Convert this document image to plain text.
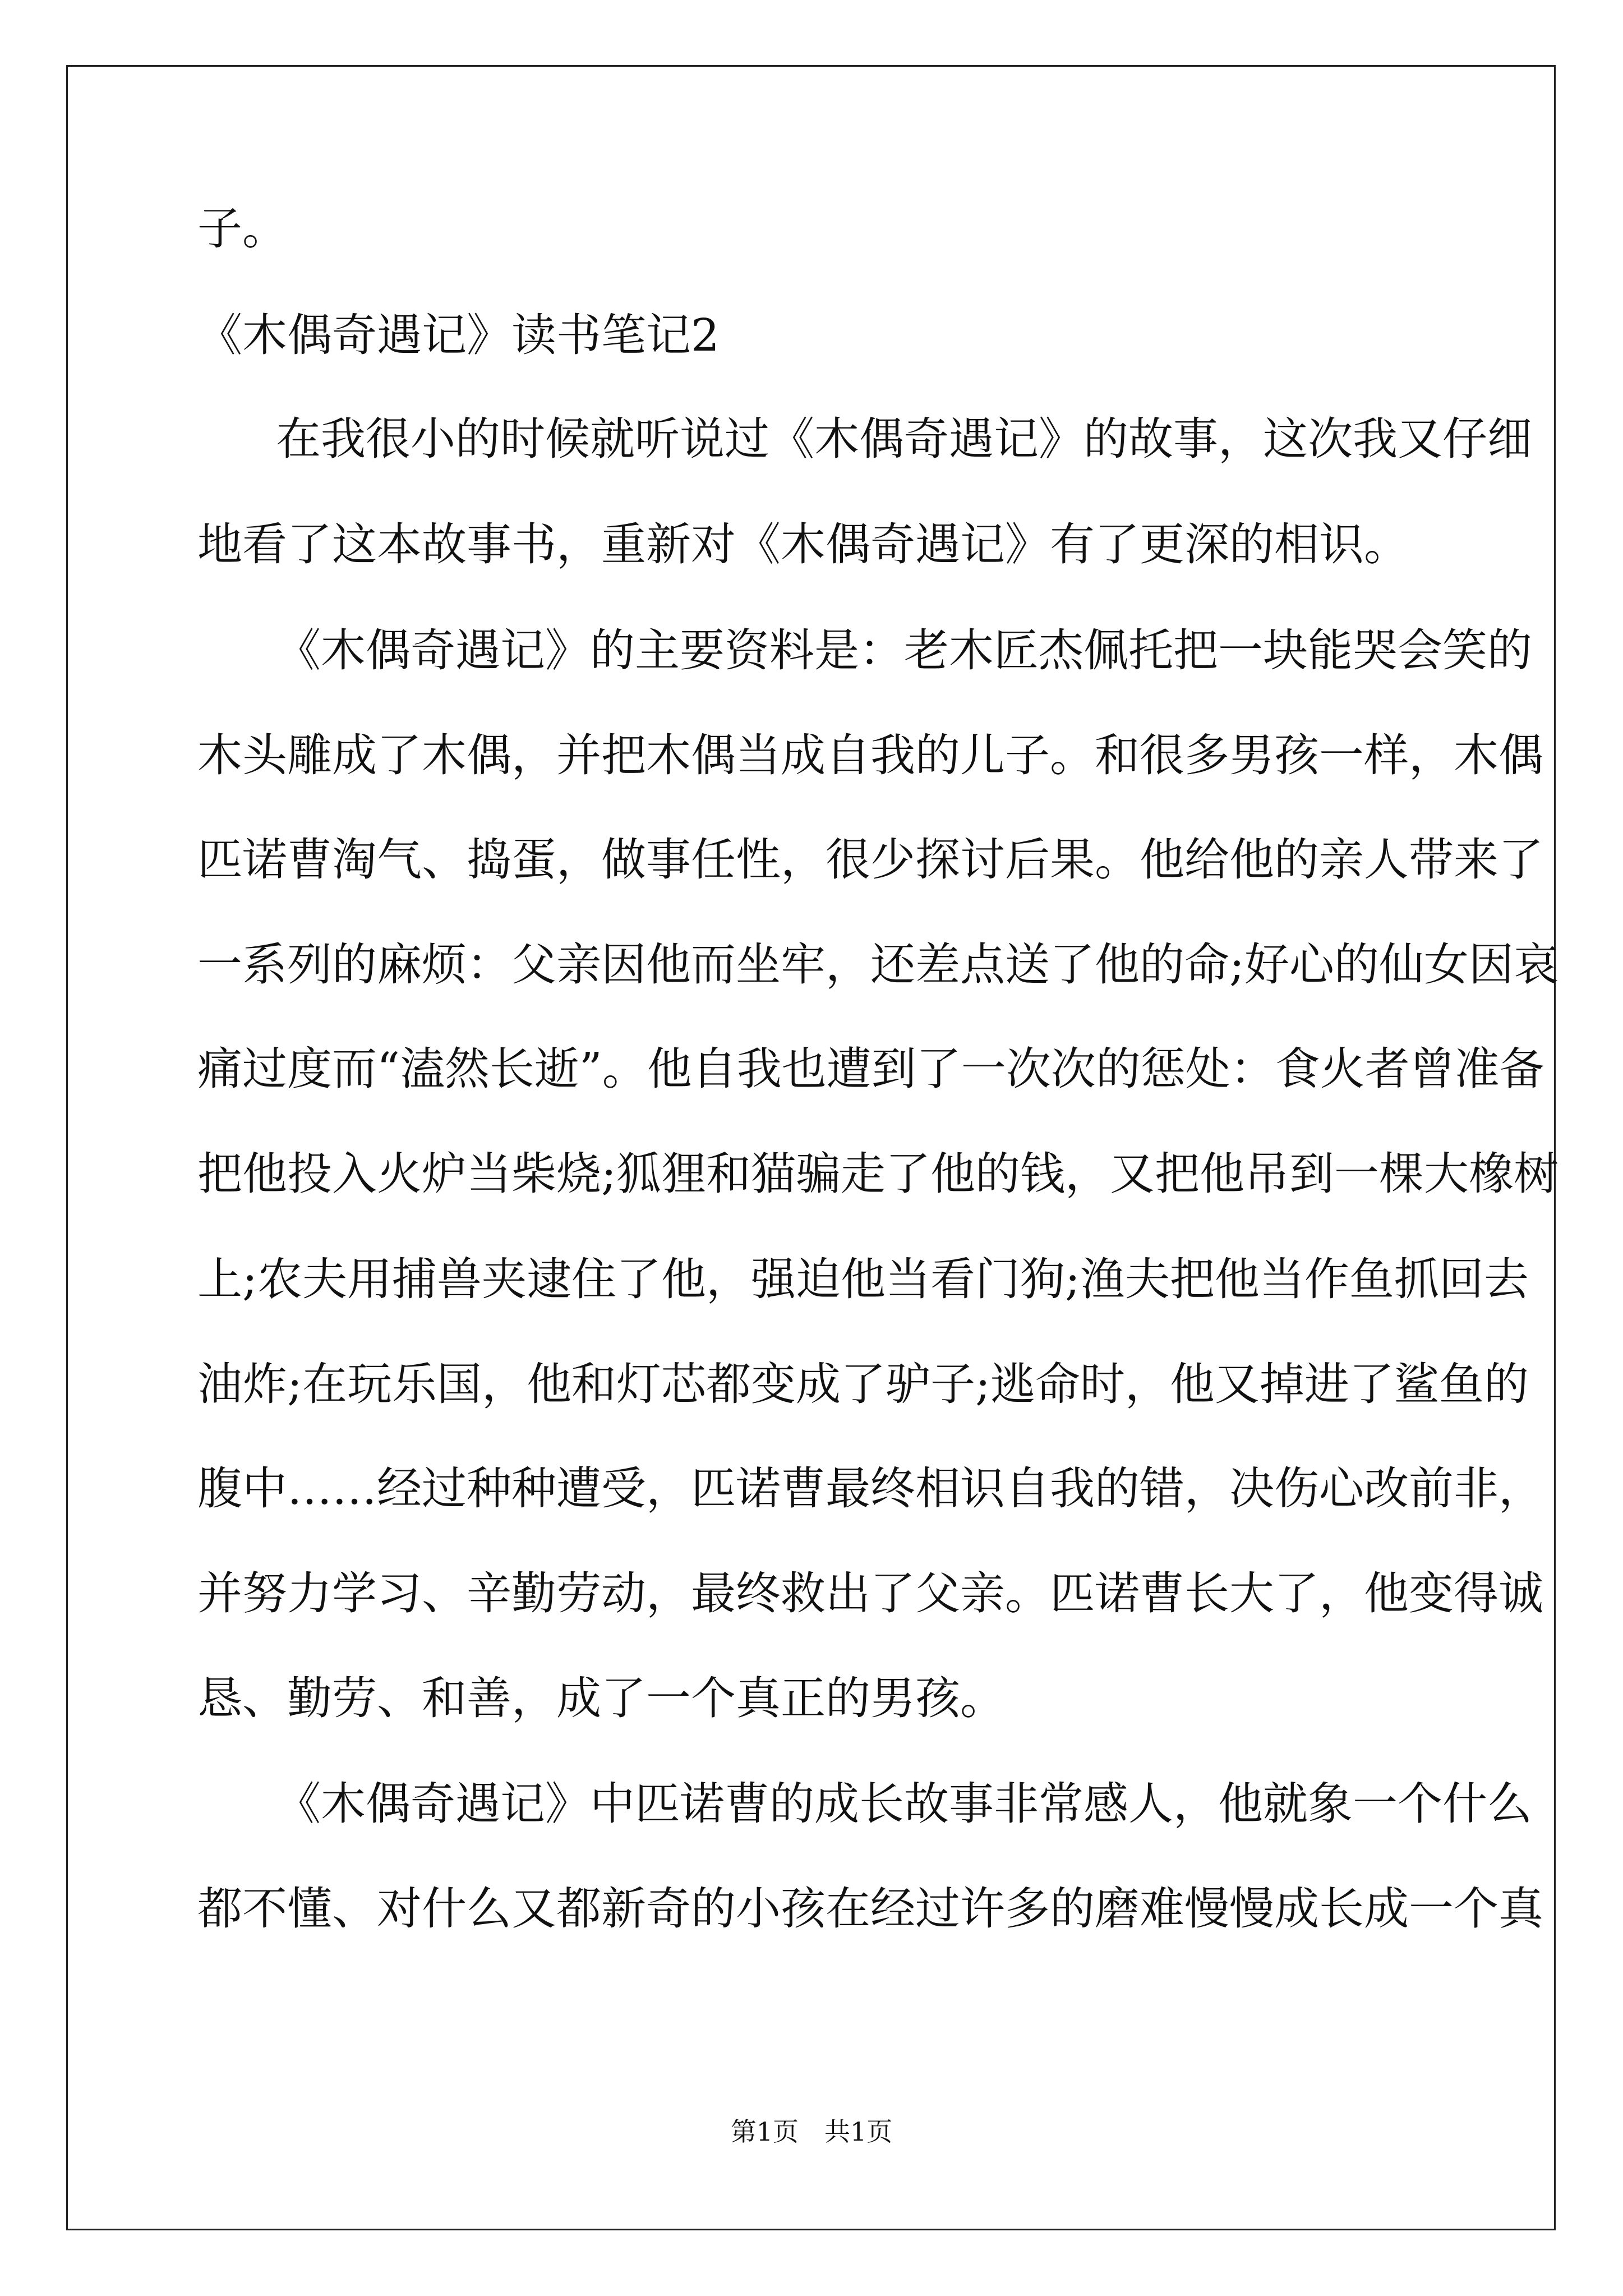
子。
《木偶奇遇记》读书笔记2
在我很小的时候就听说过《木偶奇遇记》的故事，这次我又仔细
地看了这本故事书，重新对《木偶奇遇记》有了更深的相识。
《木偶奇遇记》的主要资料是：老木匠杰佩托把一块能哭会笑的
木头雕成了木偶，并把木偶当成自我的儿子。和很多男孩一样，木偶
匹诺曹淘气、捣蛋，做事任性，很少探讨后果。他给他的亲人带来了
一系列的麻烦：父亲因他而坐牢，还差点送了他的命;好心的仙女因哀
痛过度而“溘然长逝”。他自我也遭到了一次次的惩处：食火者曾准备
把他投入火炉当柴烧;狐狸和猫骗走了他的钱，又把他吊到一棵大橡树
上;农夫用捕兽夹逮住了他，强迫他当看门狗;渔夫把他当作鱼抓回去
油炸;在玩乐国，他和灯芯都变成了驴子;逃命时，他又掉进了鲨鱼的
腹中……经过种种遭受，匹诺曹最终相识自我的错，决伤心改前非，
并努力学习、辛勤劳动，最终救出了父亲。匹诺曹长大了，他变得诚
恳、勤劳、和善，成了一个真正的男孩。
《木偶奇遇记》中匹诺曹的成长故事非常感人，他就象一个什么
都不懂、对什么又都新奇的小孩在经过许多的磨难慢慢成长成一个真
第1页　共1页
